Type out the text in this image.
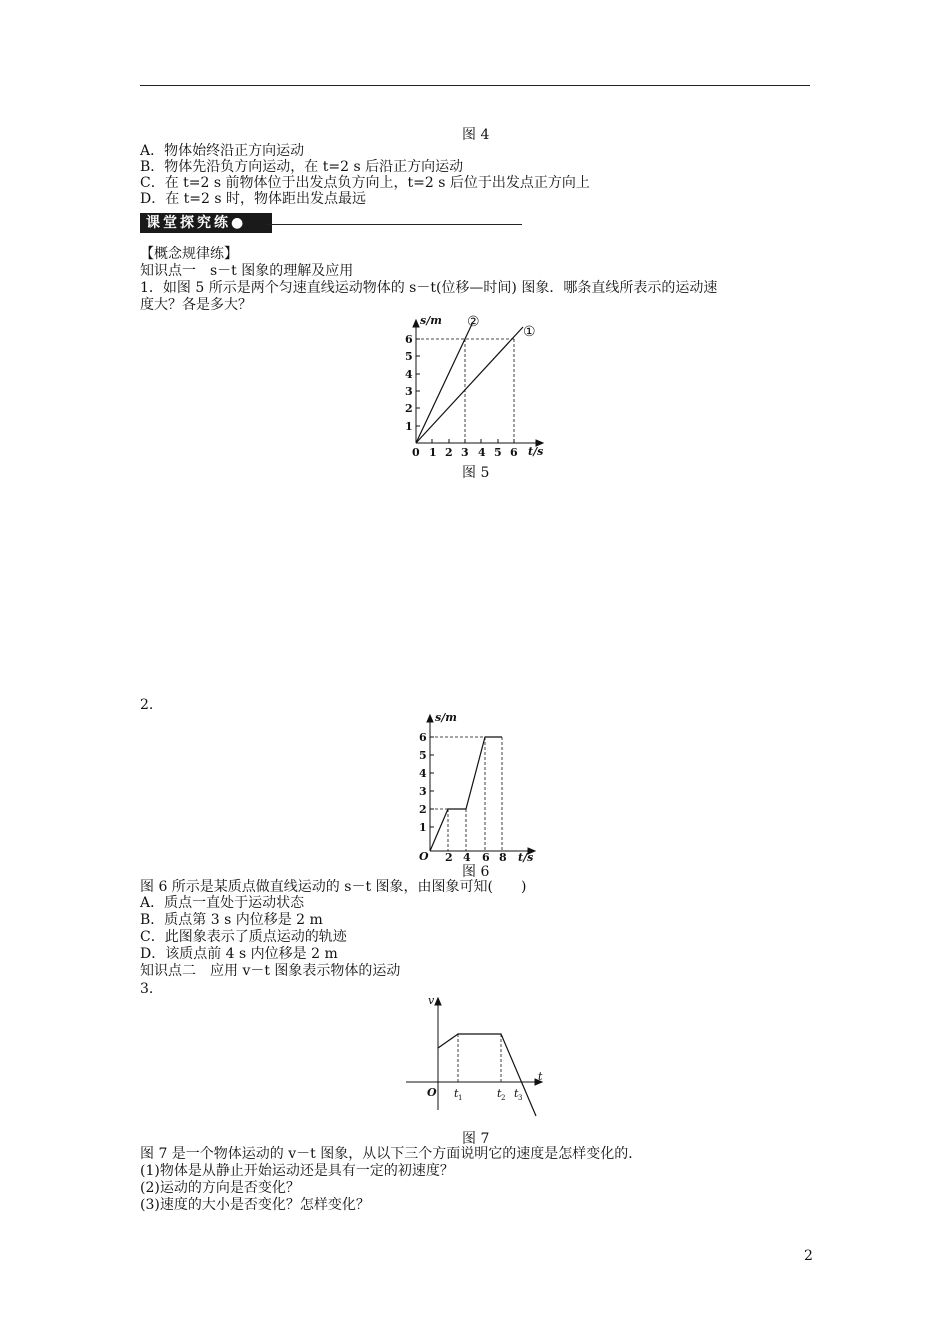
图 4
A．物体始终沿正方向运动
B．物体先沿负方向运动，在 t=2 s 后沿正方向运动
C．在 t=2 s 前物体位于出发点负方向上，t=2 s 后位于出发点正方向上
D．在 t=2 s 时，物体距出发点最远
课堂探究练●
【概念规律练】
知识点一　s－t 图象的理解及应用
1．如图 5 所示是两个匀速直线运动物体的 s－t(位移—时间) 图象．哪条直线所表示的运动速
度大？各是多大？
s/m
t/s
1
2
3
4
5
6
0 1 2 3 4 5 6
②
①
图 5
2.
s/m
t/s
O
1
2
3
4
5
6
2 4 6 8
图 6
图 6 所示是某质点做直线运动的 s－t 图象，由图象可知(　　)
A．质点一直处于运动状态
B．质点第 3 s 内位移是 2 m
C．此图象表示了质点运动的轨迹
D．该质点前 4 s 内位移是 2 m
知识点二　应用 v－t 图象表示物体的运动
3.
v
t
O t 1	t 2 t 3
图 7
图 7 是一个物体运动的 v－t 图象，从以下三个方面说明它的速度是怎样变化的．
(1)物体是从静止开始运动还是具有一定的初速度？
(2)运动的方向是否变化？
(3)速度的大小是否变化？怎样变化？
2
